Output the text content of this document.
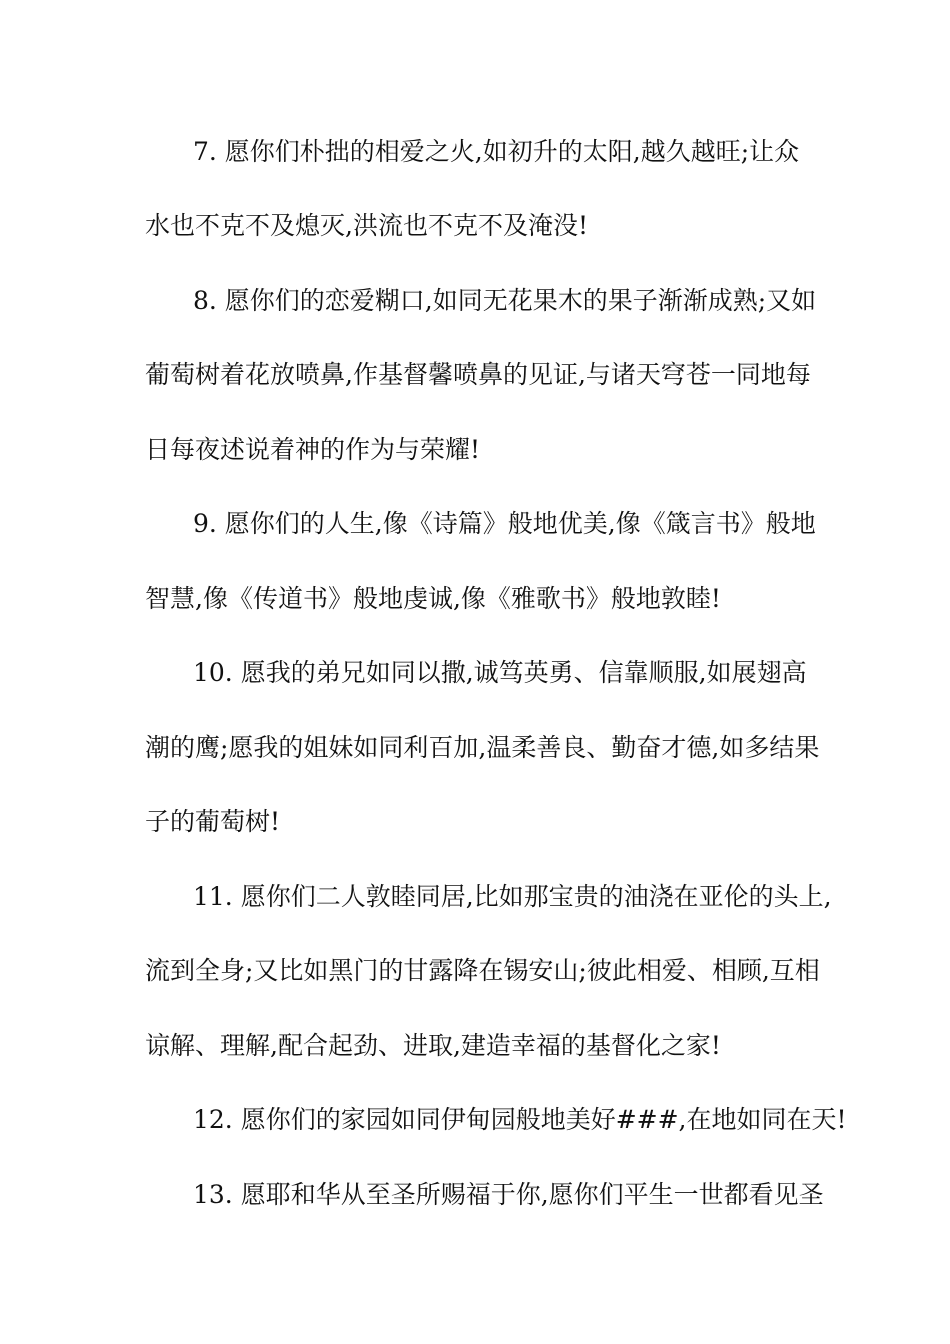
7. 愿你们朴拙的相爱之火,如初升的太阳,越久越旺;让众
水也不克不及熄灭,洪流也不克不及淹没!
8. 愿你们的恋爱糊口,如同无花果木的果子渐渐成熟;又如
葡萄树着花放喷鼻,作基督馨喷鼻的见证,与诸天穹苍一同地每
日每夜述说着神的作为与荣耀!
9. 愿你们的人生,像《诗篇》般地优美,像《箴言书》般地
智慧,像《传道书》般地虔诚,像《雅歌书》般地敦睦!
10. 愿我的弟兄如同以撒,诚笃英勇、信靠顺服,如展翅高
潮的鹰;愿我的姐妹如同利百加,温柔善良、勤奋才德,如多结果
子的葡萄树!
11. 愿你们二人敦睦同居,比如那宝贵的油浇在亚伦的头上,
流到全身;又比如黑门的甘露降在锡安山;彼此相爱、相顾,互相
谅解、理解,配合起劲、进取,建造幸福的基督化之家!
12. 愿你们的家园如同伊甸园般地美好###,在地如同在天!
13. 愿耶和华从至圣所赐福于你,愿你们平生一世都看见圣
